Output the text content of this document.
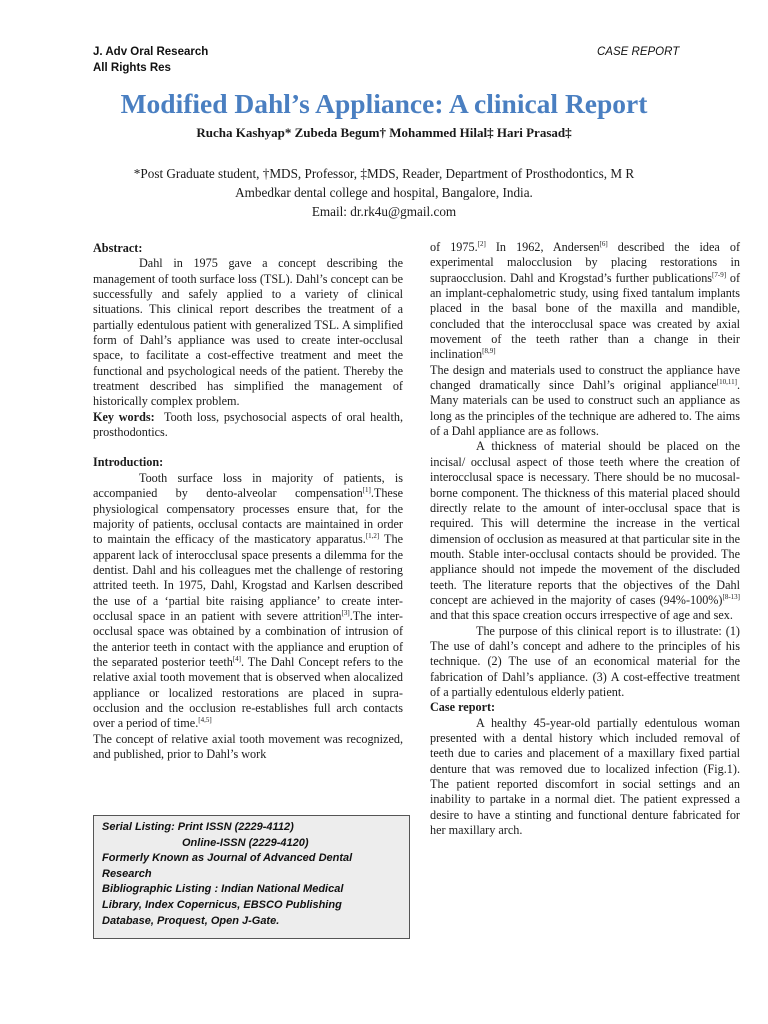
J. Adv Oral Research
All Rights Res
CASE REPORT
Modified Dahl’s Appliance: A clinical Report
Rucha Kashyap* Zubeda Begum† Mohammed Hilal‡ Hari Prasad‡
*Post Graduate student, †MDS, Professor, ‡MDS, Reader, Department of Prosthodontics, M R
Ambedkar dental college and hospital, Bangalore, India.
Email: dr.rk4u@gmail.com

Abstract:

Dahl in 1975 gave a concept describing the management of tooth surface loss (TSL). Dahl’s concept can be successfully and safely applied to a variety of clinical situations. This clinical report describes the treatment of a partially edentulous patient with generalized TSL. A simplified form of Dahl’s appliance was used to create inter-occlusal space, to facilitate a cost-effective treatment and meet the functional and psychological needs of the patient. Thereby the treatment described has simplified the management of historically complex problem.

Key words: Tooth loss, psychosocial aspects of oral health, prosthodontics.

Introduction:

Tooth surface loss in majority of patients, is accompanied by dento-alveolar compensation[1].These physiological compensatory processes ensure that, for the majority of patients, occlusal contacts are maintained in order to maintain the efficacy of the masticatory apparatus.[1,2] The apparent lack of interocclusal space presents a dilemma for the dentist. Dahl and his colleagues met the challenge of restoring attrited teeth. In 1975, Dahl, Krogstad and Karlsen described the use of a ‘partial bite raising appliance’ to create inter-occlusal space in an patient with severe attrition[3].The inter-occlusal space was obtained by a combination of intrusion of the anterior teeth in contact with the appliance and eruption of the separated posterior teeth[4]. The Dahl Concept refers to the relative axial tooth movement that is observed when alocalized appliance or localized restorations are placed in supra-occlusion and the occlusion re-establishes full arch contacts over a period of time.[4,5]

The concept of relative axial tooth movement was recognized, and published, prior to Dahl’s work

Serial Listing: Print ISSN (2229-4112)
Online-ISSN (2229-4120)
Formerly Known as Journal of Advanced Dental
Research
Bibliographic Listing : Indian National Medical
Library, Index Copernicus, EBSCO Publishing
Database, Proquest, Open J-Gate.

of 1975.[2] In 1962, Andersen[6] described the idea of experimental malocclusion by placing restorations in supraocclusion. Dahl and Krogstad’s further publications[7-9] of an implant-cephalometric study, using fixed tantalum implants placed in the basal bone of the maxilla and mandible, concluded that the interocclusal space was created by axial movement of the teeth rather than a change in their inclination[8,9]

The design and materials used to construct the appliance have changed dramatically since Dahl’s original appliance[10,11]. Many materials can be used to construct such an appliance as long as the principles of the technique are adhered to. The aims of a Dahl appliance are as follows.

A thickness of material should be placed on the incisal/ occlusal aspect of those teeth where the creation of interocclusal space is necessary. There should be no mucosal-borne component. The thickness of this material placed should directly relate to the amount of inter-occlusal space that is required. This will determine the increase in the vertical dimension of occlusion as measured at that particular site in the mouth. Stable inter-occlusal contacts should be provided. The appliance should not impede the movement of the discluded teeth. The literature reports that the objectives of the Dahl concept are achieved in the majority of cases (94%-100%)[8-13] and that this space creation occurs irrespective of age and sex.

The purpose of this clinical report is to illustrate: (1) The use of dahl’s concept and adhere to the principles of his technique. (2) The use of an economical material for the fabrication of Dahl’s appliance. (3) A cost-effective treatment of a partially edentulous elderly patient.

Case report:

A healthy 45-year-old partially edentulous woman presented with a dental history which included removal of teeth due to caries and placement of a maxillary fixed partial denture that was removed due to localized infection (Fig.1). The patient reported discomfort in social settings and an inability to partake in a normal diet. The patient expressed a desire to have a stinting and functional denture fabricated for her maxillary arch.
